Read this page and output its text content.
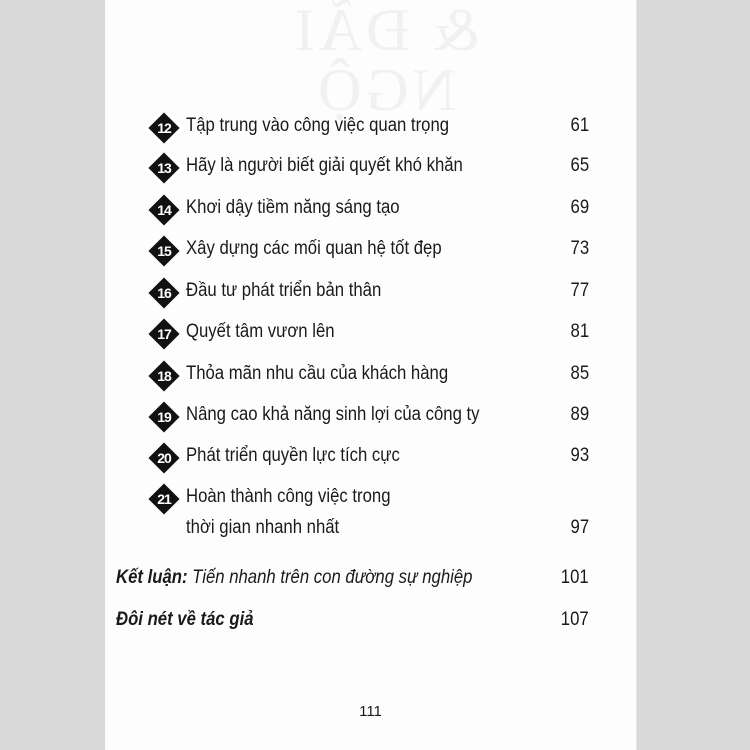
& ĐÃI NGỘ
12 Tập trung vào công việc quan trọng	61
13 Hãy là người biết giải quyết khó khăn	65
14 Khơi dậy tiềm năng sáng tạo	69
15 Xây dựng các mối quan hệ tốt đẹp	73
16 Đầu tư phát triển bản thân	77
17 Quyết tâm vươn lên	81
18 Thỏa mãn nhu cầu của khách hàng	85
19 Nâng cao khả năng sinh lợi của công ty	89
20 Phát triển quyền lực tích cực	93
21 Hoàn thành công việc trong
thời gian nhanh nhất	97
Kết luận: Tiến nhanh trên con đường sự nghiệp	101
Đôi nét về tác giả	107
111
